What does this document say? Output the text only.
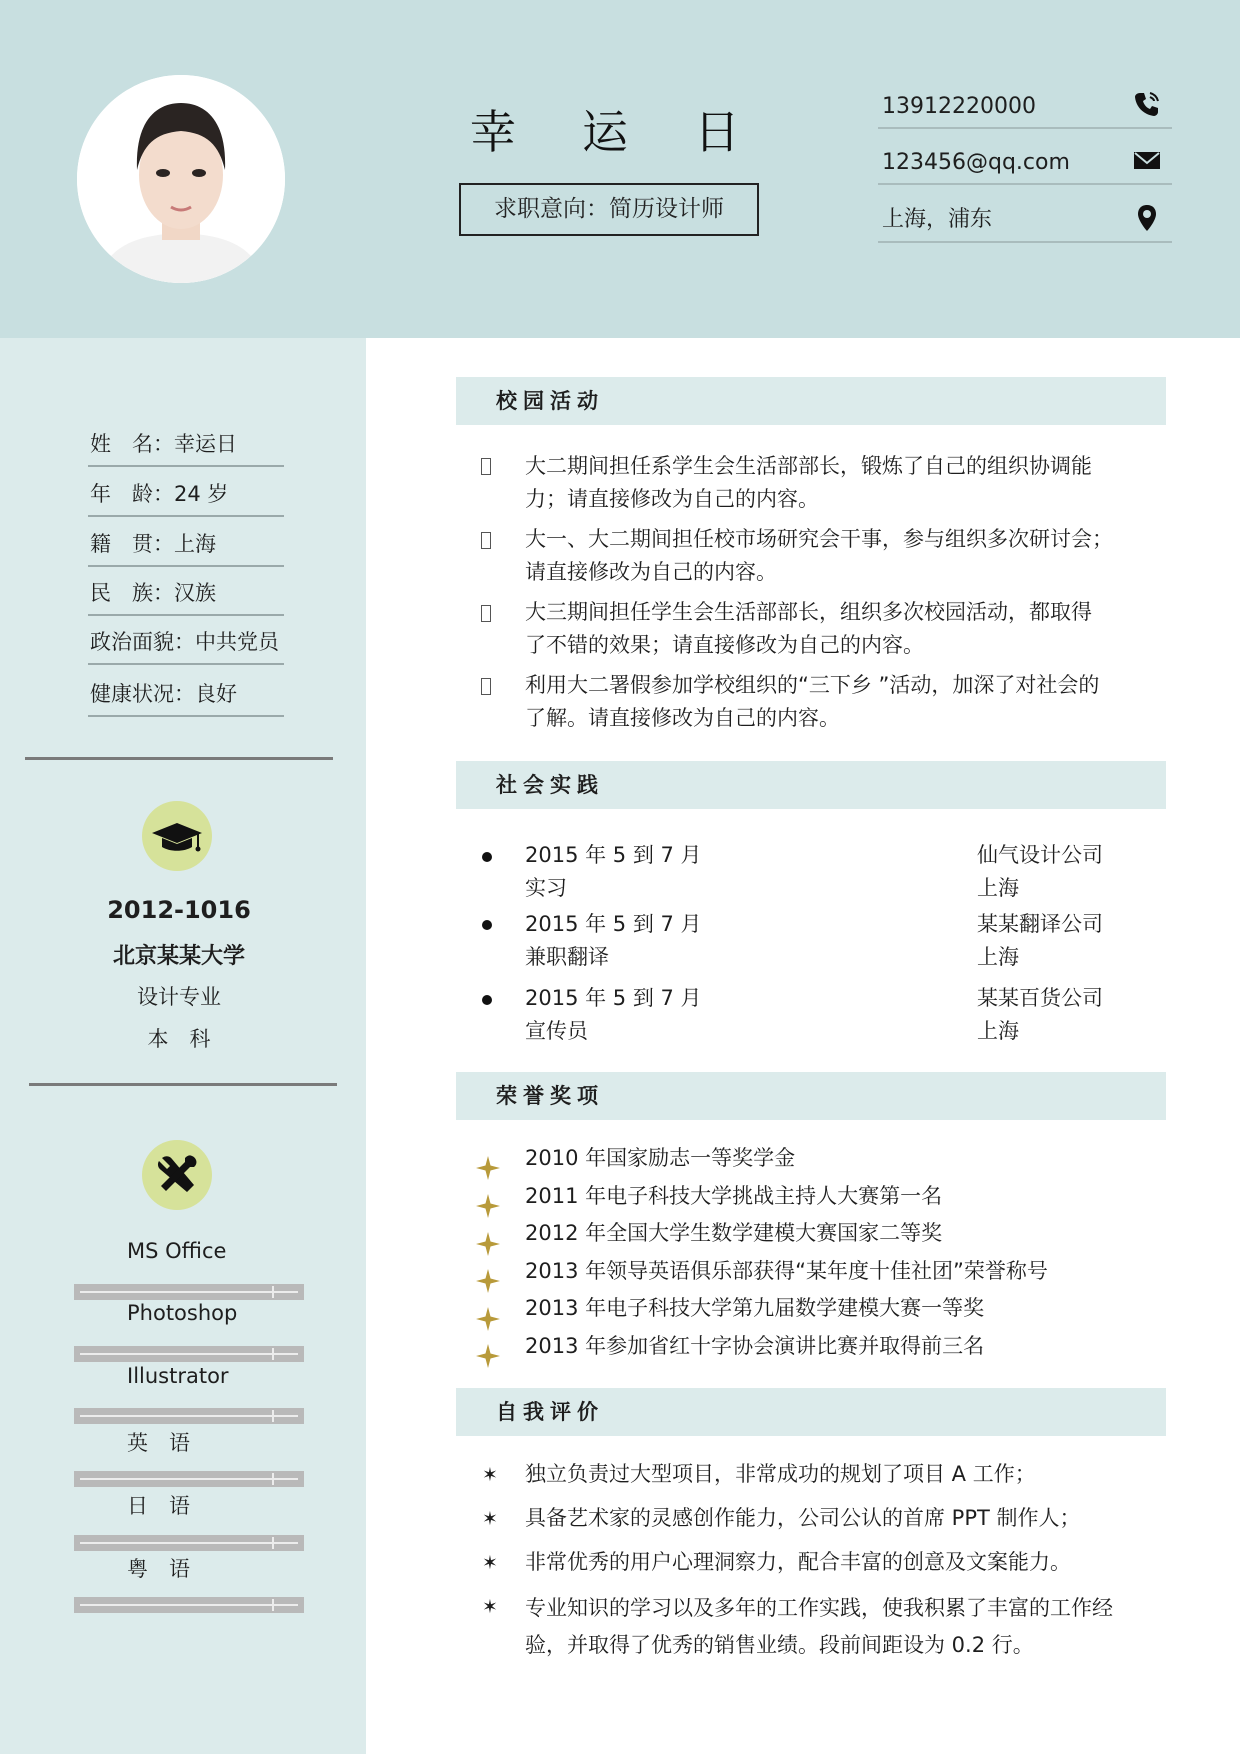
幸 运 日
求职意向：简历设计师
13912220000
123456@qq.com
上海，浦东
姓　名：幸运日
年　龄：24 岁
籍　贯：上海
民　族：汉族
政治面貌：中共党员
健康状况：良好
2012-1016
北京某某大学
设计专业
本　科
MS Office
Photoshop
Illustrator
英　语
日　语
粤　语
校园活动
大二期间担任系学生会生活部部长，锻炼了自己的组织协调能
力；请直接修改为自己的内容。
大一、大二期间担任校市场研究会干事，参与组织多次研讨会；
请直接修改为自己的内容。
大三期间担任学生会生活部部长，组织多次校园活动，都取得
了不错的效果；请直接修改为自己的内容。
利用大二署假参加学校组织的“三下乡 ”活动，加深了对社会的
了解。请直接修改为自己的内容。
社会实践
2015 年 5 到 7 月
实习
仙气设计公司
上海
2015 年 5 到 7 月
兼职翻译
某某翻译公司
上海
2015 年 5 到 7 月
宣传员
某某百货公司
上海
荣誉奖项
2010 年国家励志一等奖学金
2011 年电子科技大学挑战主持人大赛第一名
2012 年全国大学生数学建模大赛国家二等奖
2013 年领导英语俱乐部获得“某年度十佳社团”荣誉称号
2013 年电子科技大学第九届数学建模大赛一等奖
2013 年参加省红十字协会演讲比赛并取得前三名
自我评价
✶ 独立负责过大型项目，非常成功的规划了项目 A 工作；
✶ 具备艺术家的灵感创作能力，公司公认的首席 PPT 制作人；
✶ 非常优秀的用户心理洞察力，配合丰富的创意及文案能力。
✶ 专业知识的学习以及多年的工作实践，使我积累了丰富的工作经
验，并取得了优秀的销售业绩。段前间距设为 0.2 行。
